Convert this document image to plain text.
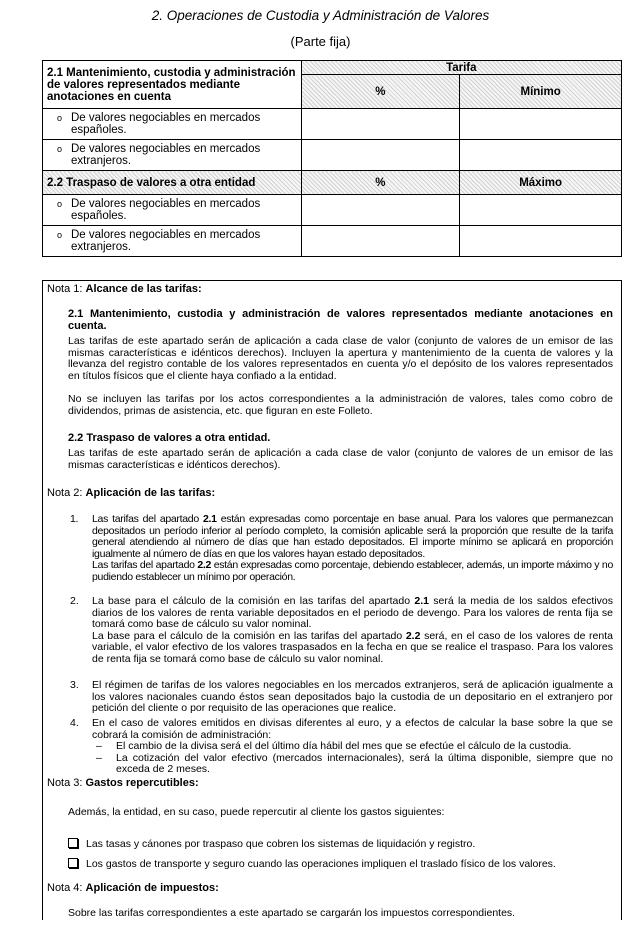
2. Operaciones de Custodia y Administración de Valores
(Parte fija)
2.1 Mantenimiento, custodia y administración de valores representados mediante anotaciones en cuenta	Tarifa	
	%	Mínimo

o De valores negociables en mercados españoles.		

o De valores negociables en mercados extranjeros.		
2.2 Traspaso de valores a otra entidad	%	Máximo

o De valores negociables en mercados españoles.		

o De valores negociables en mercados extranjeros.		
Nota 1: Alcance de las tarifas:
2.1 Mantenimiento, custodia y administración de valores representados mediante anotaciones en cuenta.
Las tarifas de este apartado serán de aplicación a cada clase de valor (conjunto de valores de un emisor de las mismas características e idénticos derechos). Incluyen la apertura y mantenimiento de la cuenta de valores y la llevanza del registro contable de los valores representados en cuenta y/o el depósito de los valores representados en títulos físicos que el cliente haya confiado a la entidad.
No se incluyen las tarifas por los actos correspondientes a la administración de valores, tales como cobro de dividendos, primas de asistencia, etc. que figuran en este Folleto.
2.2 Traspaso de valores a otra entidad.
Las tarifas de este apartado serán de aplicación a cada clase de valor (conjunto de valores de un emisor de las mismas características e idénticos derechos).
Nota 2: Aplicación de las tarifas:
1. Las tarifas del apartado 2.1 están expresadas como porcentaje en base anual. Para los valores que permanezcan depositados un período inferior al período completo, la comisión aplicable será la proporción que resulte de la tarifa general atendiendo al número de días que han estado depositados. El importe mínimo se aplicará en proporción igualmente al número de días en que los valores hayan estado depositados.

Las tarifas del apartado 2.2 están expresadas como porcentaje, debiendo establecer, además, un importe máximo y no pudiendo establecer un mínimo por operación.

2. La base para el cálculo de la comisión en las tarifas del apartado 2.1 será la media de los saldos efectivos diarios de los valores de renta variable depositados en el periodo de devengo. Para los valores de renta fija se tomará como base de cálculo su valor nominal.

La base para el cálculo de la comisión en las tarifas del apartado 2.2 será, en el caso de los valores de renta variable, el valor efectivo de los valores traspasados en la fecha en que se realice el traspaso. Para los valores de renta fija se tomará como base de cálculo su valor nominal.

3. El régimen de tarifas de los valores negociables en los mercados extranjeros, será de aplicación igualmente a los valores nacionales cuando éstos sean depositados bajo la custodia de un depositario en el extranjero por petición del cliente o por requisito de las operaciones que realice.

4. En el caso de valores emitidos en divisas diferentes al euro, y a efectos de calcular la base sobre la que se cobrará la comisión de administración:

– El cambio de la divisa será el del último día hábil del mes que se efectúe el cálculo de la custodia.
– La cotización del valor efectivo (mercados internacionales), será la última disponible, siempre que no exceda de 2 meses.
Nota 3: Gastos repercutibles:
Además, la entidad, en su caso, puede repercutir al cliente los gastos siguientes:
Las tasas y cánones por traspaso que cobren los sistemas de liquidación y registro.
Los gastos de transporte y seguro cuando las operaciones impliquen el traslado físico de los valores.
Nota 4: Aplicación de impuestos:
Sobre las tarifas correspondientes a este apartado se cargarán los impuestos correspondientes.
